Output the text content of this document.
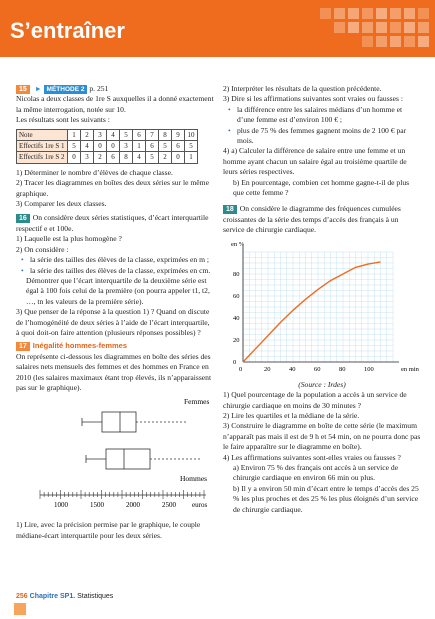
S’entraîner

15 ► MÉTHODE 2 p. 251

Nicolas a deux classes de 1re S auxquelles il a donné exactement la même interrogation, notée sur 10.

Les résultats sont les suivants :

Note	1	2	3	4	5	6	7	8	9	10
Effectifs 1re S 1	5	4	0	0	3	1	6	5	6	5
Effectifs 1re S 2	0	3	2	6	8	4	5	2	0	1

1) Déterminer le nombre d’élèves de chaque classe.

2) Tracer les diagrammes en boîtes des deux séries sur le même graphique.

3) Comparer les deux classes.

16 On considère deux séries statistiques, d’écart interquartile respectif e et 100e.

1) Laquelle est la plus homogène ?

2) On considère :

• la série des tailles des élèves de la classe, exprimées en m ;

• la série des tailles des élèves de la classe, exprimées en cm.

Démontrer que l’écart interquartile de la deuxième série est égal à 100 fois celui de la première (on pourra appeler t1, t2, …, tn les valeurs de la première série).

3) Que penser de la réponse à la question 1) ? Quand on discute de l’homogénéité de deux séries à l’aide de l’écart interquartile, à quoi doit-on faire attention (plusieurs réponses possibles) ?

17 Inégalité hommes-femmes

On représente ci-dessous les diagrammes en boîte des séries des salaires nets mensuels des femmes et des hommes en France en 2010 (les salaires maximaux étant trop élevés, ils n’apparaissent pas sur le graphique).

Femmes
Hommes
1000	1500	2000	2500 euros

1) Lire, avec la précision permise par le graphique, le couple médiane-écart interquartile pour les deux séries.

2) Interpréter les résultats de la question précédente.

3) Dire si les affirmations suivantes sont vraies ou fausses :

• la différence entre les salaires médians d’un homme et d’une femme est d’environ 100 € ;

• plus de 75 % des femmes gagnent moins de 2 100 € par mois.

4) a) Calculer la différence de salaire entre une femme et un homme ayant chacun un salaire égal au troisième quartile de leurs séries respectives.

b) En pourcentage, combien cet homme gagne-t-il de plus que cette femme ?

18 On considère le diagramme des fréquences cumulées croissantes de la série des temps d’accès des français à un service de chirurgie cardiaque.

0	20	40	60	80	100
0
20
40
60
80
en %
en min

(Source : Irdes)

1) Quel pourcentage de la population a accès à un service de chirurgie cardiaque en moins de 30 minutes ?

2) Lire les quartiles et la médiane de la série.

3) Construire le diagramme en boîte de cette série (le maximum n’apparaît pas mais il est de 9 h et 54 min, on ne pourra donc pas le faire apparaître sur le diagramme en boîte).

4) Les affirmations suivantes sont-elles vraies ou fausses ?

a) Environ 75 % des français ont accès à un service de chirurgie cardiaque en environ 66 min ou plus.

b) Il y a environ 50 min d’écart entre le temps d’accès des 25 % les plus proches et des 25 % les plus éloignés d’un service de chirurgie cardiaque.

256 Chapitre SP1. Statistiques
